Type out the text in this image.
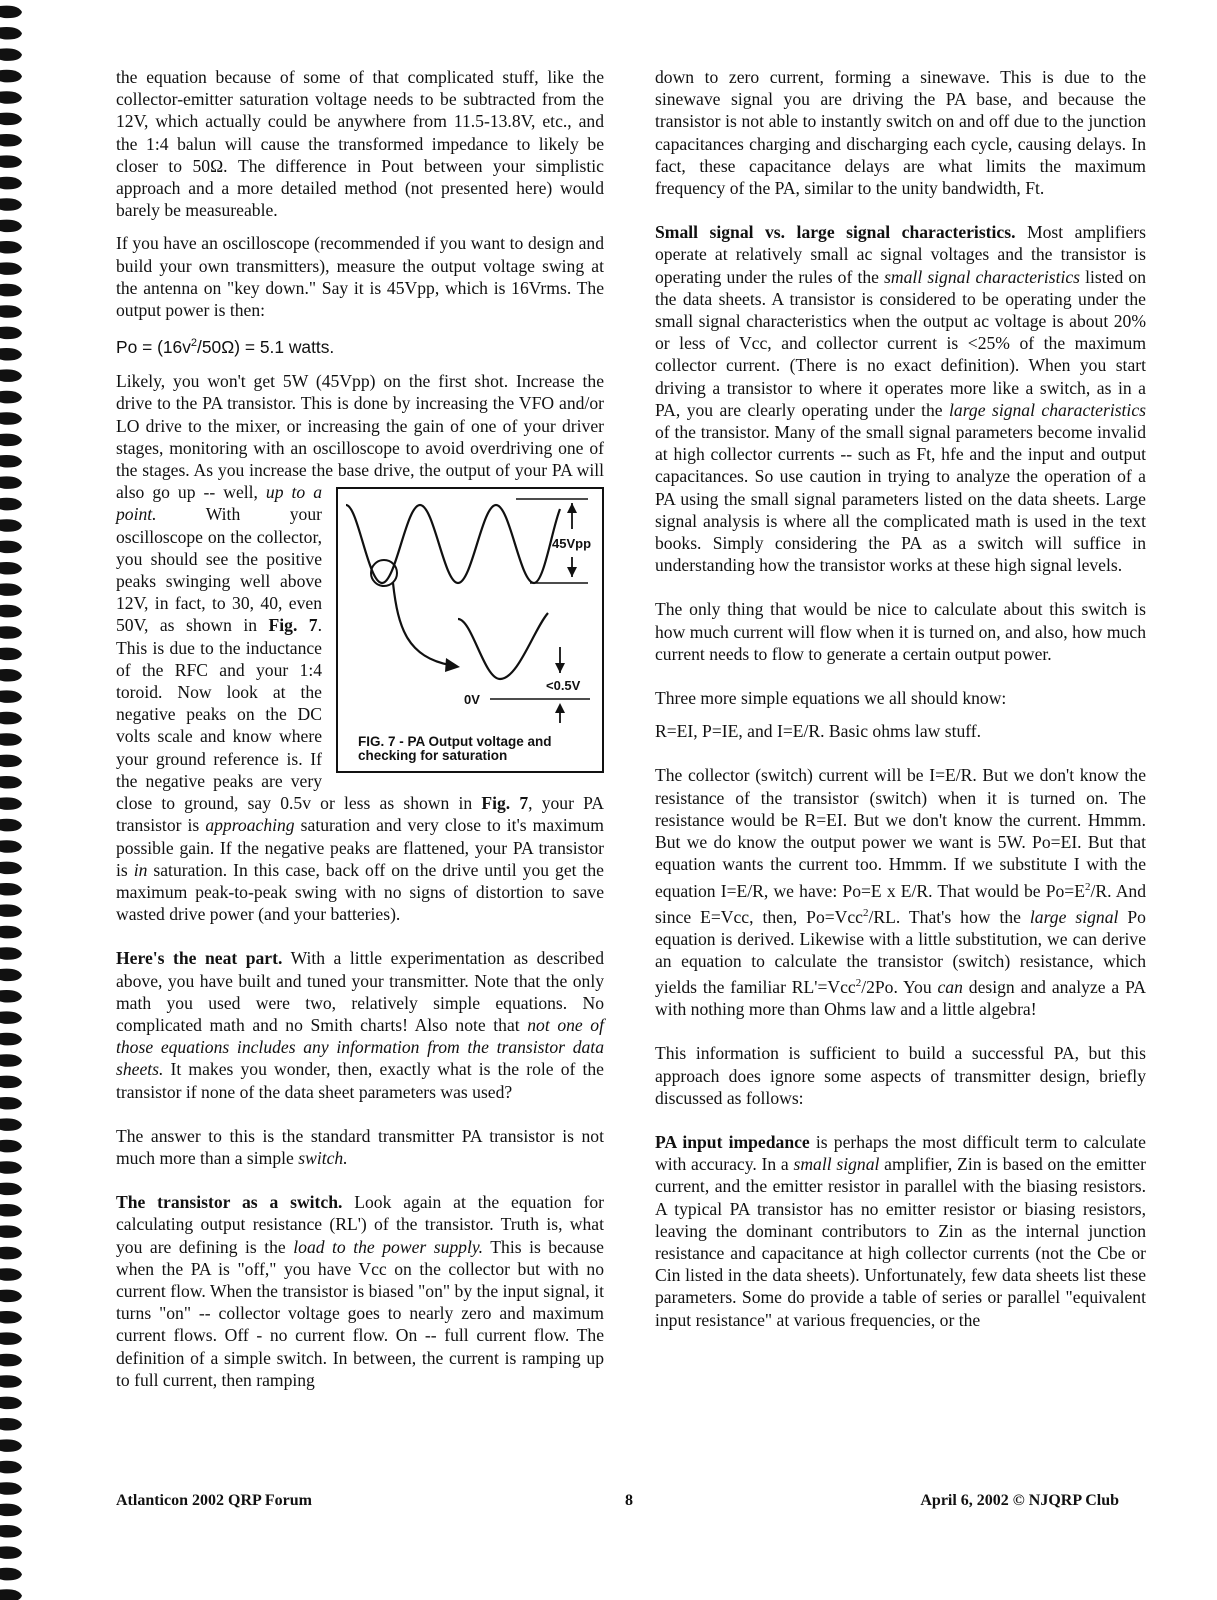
the equation because of some of that complicated stuff, like the collector-emitter saturation voltage needs to be subtracted from the 12V, which actually could be anywhere from 11.5-13.8V, etc., and the 1:4 balun will cause the transformed impedance to likely be closer to 50Ω. The difference in Pout between your simplistic approach and a more detailed method (not presented here) would barely be measureable.

If you have an oscilloscope (recommended if you want to design and build your own transmitters), measure the output voltage swing at the antenna on "key down." Say it is 45Vpp, which is 16Vrms. The output power is then:

$Po = (16v^2/50\Omega) = 5.1$ watts.

Likely, you won't get 5W (45Vpp) on the first shot. Increase the drive to the PA transistor. This is done by increasing the VFO and/or LO drive to the mixer, or increasing the gain of one of your driver stages, monitoring with an oscilloscope to avoid overdriving one of the stages. As you increase the base drive, the output of your PA will also go up -- well,
45Vpp
0V
<0.5V
FIG. 7 - PA Output voltage and
checking for saturation
up to a point.	With your oscilloscope on the collector, you should see the positive peaks swinging well above 12V, in fact, to 30, 40, even 50V, as shown in Fig. 7. This is due to the inductance of the RFC and your 1:4 toroid. Now look at the negative peaks on the DC volts scale and know where your ground reference is. If the negative peaks are very close to ground, say 0.5v or less as shown in Fig. 7, your PA transistor is approaching saturation and very close to it's maximum possible gain. If the negative peaks are flattened, your PA transistor is in saturation. In this case, back off on the drive until you get the maximum peak-to-peak swing with no signs of distortion to save wasted drive power (and your batteries).

Here's the neat part. With a little experimentation as described above, you have built and tuned your transmitter. Note that the only math you used were two, relatively simple equations. No complicated math and no Smith charts! Also note that not one of those equations includes any information from the transistor data sheets. It makes you wonder, then, exactly what is the role of the transistor if none of the data sheet parameters was used?

The answer to this is the standard transmitter PA transistor is not much more than a simple switch.

The transistor as a switch. Look again at the equation for calculating output resistance (RL') of the transistor. Truth is, what you are defining is the load to the power supply. This is because when the PA is "off," you have Vcc on the collector but with no current flow. When the transistor is biased "on" by the input signal, it turns "on" -- collector voltage goes to nearly zero and maximum current flows. Off - no current flow. On -- full current flow. The definition of a simple switch. In between, the current is ramping up to full current, then ramping

down to zero current, forming a sinewave. This is due to the sinewave signal you are driving the PA base, and because the transistor is not able to instantly switch on and off due to the junction capacitances charging and discharging each cycle, causing delays. In fact, these capacitance delays are what limits the maximum frequency of the PA, similar to the unity bandwidth, Ft.

Small signal vs. large signal characteristics. Most amplifiers operate at relatively small ac signal voltages and the transistor is operating under the rules of the small signal characteristics listed on the data sheets. A transistor is considered to be operating under the small signal characteristics when the output ac voltage is about 20% or less of Vcc, and collector current is <25% of the maximum collector current. (There is no exact definition). When you start driving a transistor to where it operates more like a switch, as in a PA, you are clearly operating under the large signal characteristics of the transistor. Many of the small signal parameters become invalid at high collector currents -- such as Ft, hfe and the input and output capacitances. So use caution in trying to analyze the operation of a PA using the small signal parameters listed on the data sheets. Large signal analysis is where all the complicated math is used in the text books. Simply considering the PA as a switch will suffice in understanding how the transistor works at these high signal levels.

The only thing that would be nice to calculate about this switch is how much current will flow when it is turned on, and also, how much current needs to flow to generate a certain output power.

Three more simple equations we all should know:

R=EI, P=IE, and I=E/R. Basic ohms law stuff.

The collector (switch) current will be I=E/R. But we don't know the resistance of the transistor (switch) when it is turned on. The resistance would be R=EI. But we don't know the current. Hmmm. But we do know the output power we want is 5W. Po=EI. But that equation wants the current too. Hmmm. If we substitute I with the equation I=E/R, we have: Po=E x E/R. That would be $Po=E^2/R$. And since E=Vcc, then, Po=Vcc$^2$/RL. That's how the large signal Po equation is derived. Likewise with a little substitution, we can derive an equation to calculate the transistor (switch) resistance, which yields the familiar RL'=Vcc$^2$/2Po. You can design and analyze a PA with nothing more than Ohms law and a little algebra!

This information is sufficient to build a successful PA, but this approach does ignore some aspects of transmitter design, briefly discussed as follows:

PA input impedance is perhaps the most difficult term to calculate with accuracy. In a small signal amplifier, Zin is based on the emitter current, and the emitter resistor in parallel with the biasing resistors. A typical PA transistor has no emitter resistor or biasing resistors, leaving the dominant contributors to Zin as the internal junction resistance and capacitance at high collector currents (not the Cbe or Cin listed in the data sheets). Unfortunately, few data sheets list these parameters. Some do provide a table of series or parallel "equivalent input resistance" at various frequencies, or the

Atlanticon 2002 QRP Forum	8	April 6, 2002 © NJQRP Club
